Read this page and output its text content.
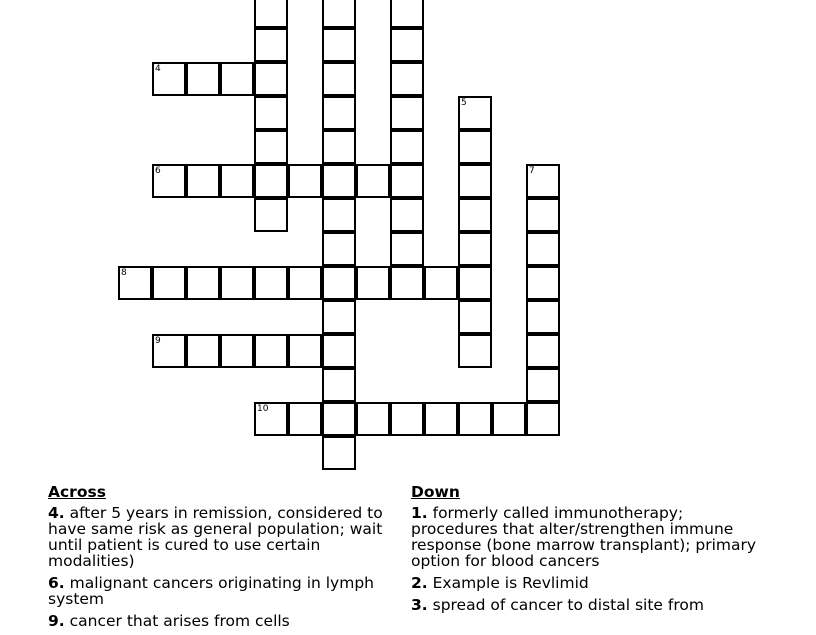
5
7
4
6
8
9
10
Across
4. after 5 years in remission, considered to have same risk as general population; wait until patient is cured to use certain modalities)
6. malignant cancers originating in lymph system
9. cancer that arises from cells
Down
1. formerly called immunotherapy; procedures that alter/strengthen immune response (bone marrow transplant); primary option for blood cancers
2. Example is Revlimid
3. spread of cancer to distal site from
